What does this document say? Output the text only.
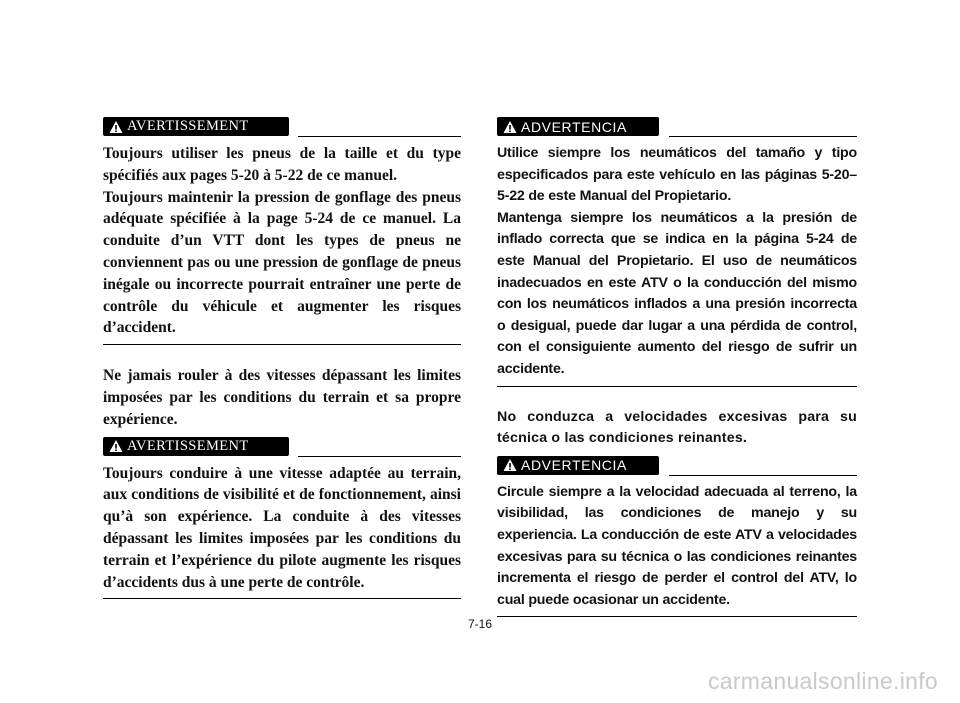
AVERTISSEMENT

Toujours utiliser les pneus de la taille et du type spécifiés aux pages 5-20 à 5-22 de ce manuel.

Toujours maintenir la pression de gonflage des pneus adéquate spécifiée à la page 5-24 de ce manuel. La conduite d’un VTT dont les types de pneus ne conviennent pas ou une pression de gonflage de pneus inégale ou incorrecte pourrait entraîner une perte de contrôle du véhicule et augmenter les risques d’accident.

Ne jamais rouler à des vitesses dépassant les limites imposées par les conditions du terrain et sa propre expérience.

AVERTISSEMENT

Toujours conduire à une vitesse adaptée au terrain, aux conditions de visibilité et de fonctionnement, ainsi qu’à son expérience. La conduite à des vitesses dépassant les limites imposées par les conditions du terrain et l’expérience du pilote augmente les risques d’accidents dus à une perte de contrôle.

ADVERTENCIA

Utilice siempre los neumáticos del tamaño y tipo especificados para este vehículo en las páginas 5-20–5-22 de este Manual del Propietario.

Mantenga siempre los neumáticos a la presión de inflado correcta que se indica en la página 5-24 de este Manual del Propietario. El uso de neumáticos inadecuados en este ATV o la conducción del mismo con los neumáticos inflados a una presión incorrecta o desigual, puede dar lugar a una pérdida de control, con el consiguiente aumento del riesgo de sufrir un accidente.

No conduzca a velocidades excesivas para su técnica o las condiciones reinantes.

ADVERTENCIA

Circule siempre a la velocidad adecuada al terreno, la visibilidad, las condiciones de manejo y su experiencia. La conducción de este ATV a velocidades excesivas para su técnica o las condiciones reinantes incrementa el riesgo de perder el control del ATV, lo cual puede ocasionar un accidente.

7-16
carmanualsonline.info
